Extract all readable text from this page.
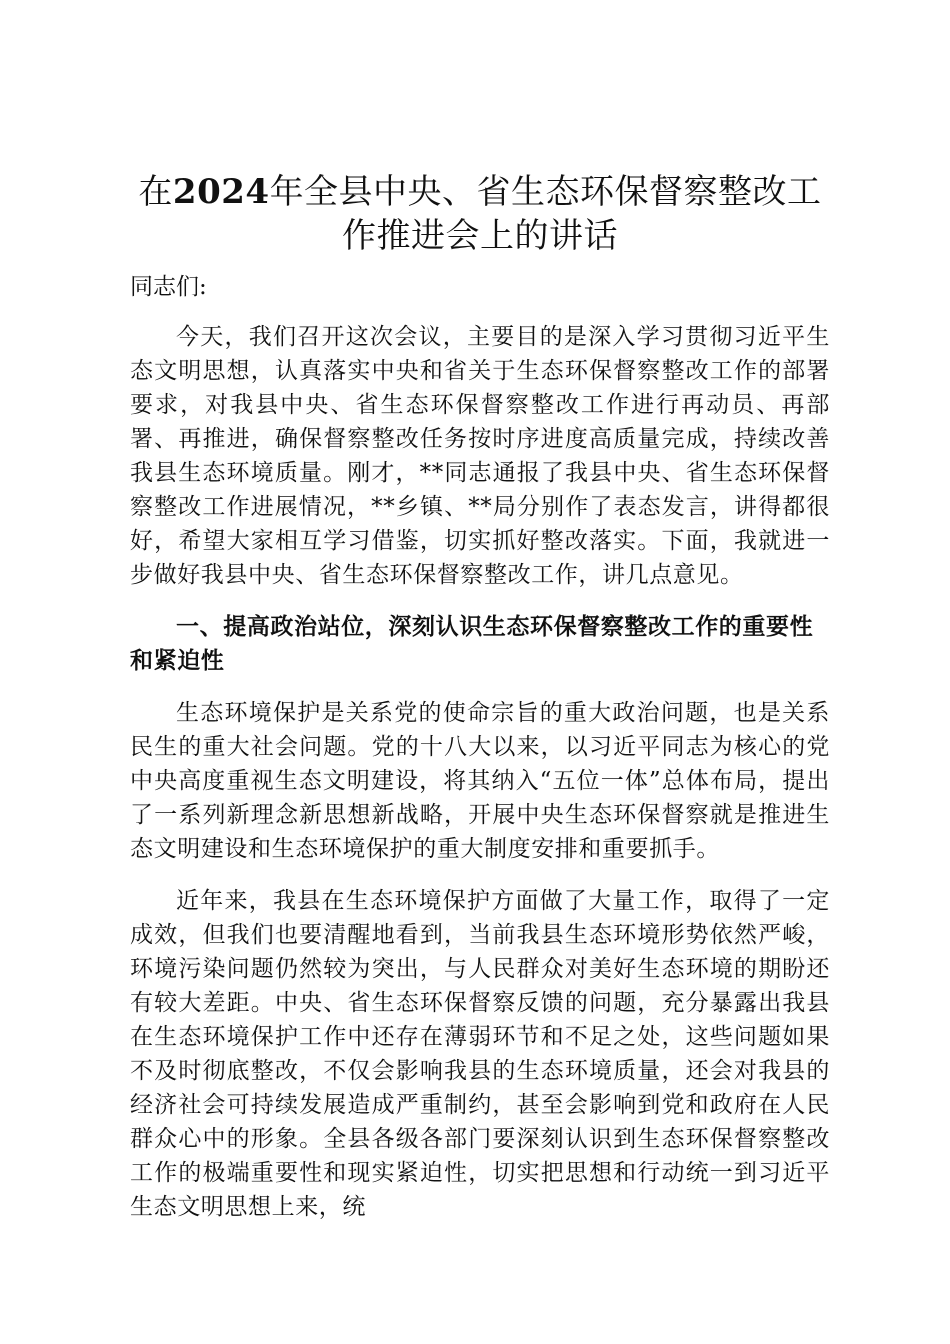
在2024年全县中央、省生态环保督察整改工作推进会上的讲话

同志们:

今天，我们召开这次会议，主要目的是深入学习贯彻习近平生态文明思想，认真落实中央和省关于生态环保督察整改工作的部署要求，对我县中央、省生态环保督察整改工作进行再动员、再部署、再推进，确保督察整改任务按时序进度高质量完成，持续改善我县生态环境质量。刚才，**同志通报了我县中央、省生态环保督察整改工作进展情况，**乡镇、**局分别作了表态发言，讲得都很好，希望大家相互学习借鉴，切实抓好整改落实。下面，我就进一步做好我县中央、省生态环保督察整改工作，讲几点意见。

一、提高政治站位，深刻认识生态环保督察整改工作的重要性和紧迫性

生态环境保护是关系党的使命宗旨的重大政治问题，也是关系民生的重大社会问题。党的十八大以来，以习近平同志为核心的党中央高度重视生态文明建设，将其纳入“五位一体”总体布局，提出了一系列新理念新思想新战略，开展中央生态环保督察就是推进生态文明建设和生态环境保护的重大制度安排和重要抓手。

近年来，我县在生态环境保护方面做了大量工作，取得了一定成效，但我们也要清醒地看到，当前我县生态环境形势依然严峻，环境污染问题仍然较为突出，与人民群众对美好生态环境的期盼还有较大差距。中央、省生态环保督察反馈的问题，充分暴露出我县在生态环境保护工作中还存在薄弱环节和不足之处，这些问题如果不及时彻底整改，不仅会影响我县的生态环境质量，还会对我县的经济社会可持续发展造成严重制约，甚至会影响到党和政府在人民群众心中的形象。全县各级各部门要深刻认识到生态环保督察整改工作的极端重要性和现实紧迫性，切实把思想和行动统一到习近平生态文明思想上来，统
